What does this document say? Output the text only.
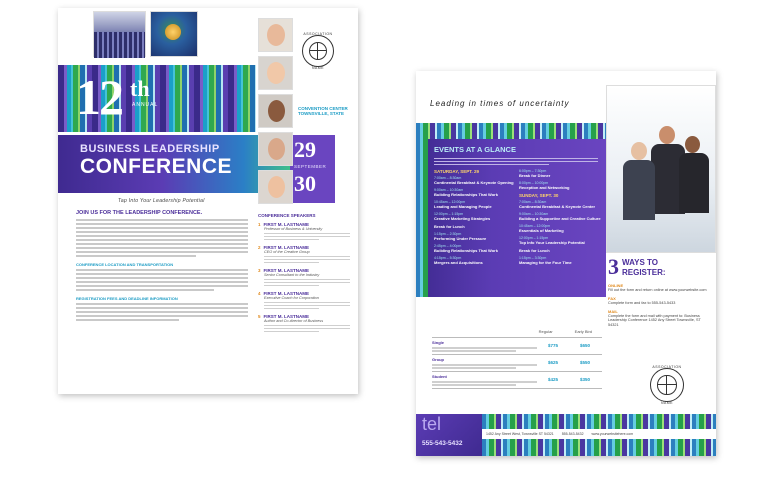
12 th
ANNUAL
BUSINESS LEADERSHIP
CONFERENCE
29
SEPTEMBER
30
Tap Into Your Leadership Potential
ASSOCIATION
NAME
CONVENTION CENTER
TOWNSVILLE, STATE
JOIN US FOR THE LEADERSHIP CONFERENCE.
CONFERENCE LOCATION AND TRANSPORTATION
REGISTRATION FEES AND DEADLINE INFORMATION
CONFERENCE SPEAKERS
1 FIRST M. LASTNAME
Professor of Business & University
2 FIRST M. LASTNAME
CEO of the Creative Group
3 FIRST M. LASTNAME
Senior Consultant to the Industry
4 FIRST M. LASTNAME
Executive Coach for Corporation
5 FIRST M. LASTNAME
Author and Co-director of Business
Leading in times of uncertainty
EVENTS AT A GLANCE
SATURDAY, SEPT. 29
7:00am – 8:30am
Continental Breakfast & Keynote Opening
9:00am – 10:30am
Building Relationships That Work
10:45am – 12:00pm
Leading and Managing People
12:00pm – 1:15pm
Creative Marketing Strategies
Break for Lunch
1:15pm – 2:30pm
Performing Under Pressure
2:45pm – 4:00pm
Building Relationships That Work
4:15pm – 5:30pm
Mergers and Acquisitions
6:00pm – 7:30pm
Break for Dinner
8:00pm – 10:00pm
Reception and Networking
SUNDAY, SEPT. 30
7:00am – 8:30am
Continental Breakfast & Keynote Center
9:00am – 10:30am
Building a Supportive and Creative Culture
10:45am – 12:00pm
Essentials of Marketing
12:00pm – 1:15pm
Top Info Your Leadership Potential
Break for Lunch
1:15pm – 3:30pm
Managing for the Four Time	3 WAYS TO
REGISTER:
ONLINE
Fill out the form and return online at www.yourwebsite.com
FAX
Complete form and fax to 555-543-5433
MAIL
Complete the form and mail with payment to: Business Leadership Conference 1452 Any Street Townsville, ST 54321
Regular	Early Bird
Single
$775	$650
Group
$625	$550
Student
$425	$350
ASSOCIATION
NAME
tel
555-543-5432
1452 Any Street West, Townsville ST 54321 555-543-5432 www.yourwebsitehere.com
